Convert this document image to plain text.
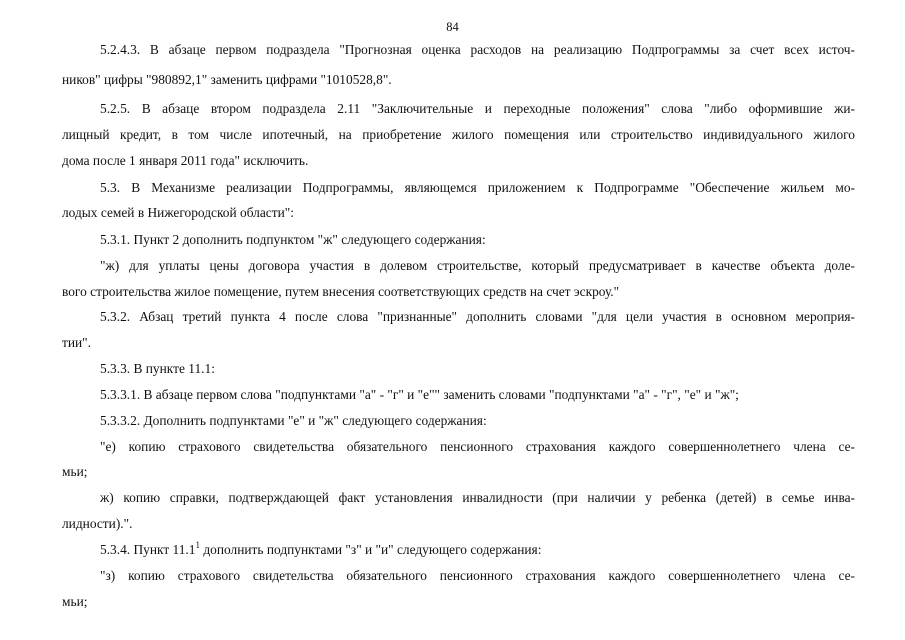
84
5.2.4.3. В абзаце первом подраздела "Прогнозная оценка расходов на реализацию Подпрограммы за счет всех источ-
ников" цифры "980892,1" заменить цифрами "1010528,8".
5.2.5. В абзаце втором подраздела 2.11 "Заключительные и переходные положения" слова "либо оформившие жи-
лищный кредит, в том числе ипотечный, на приобретение жилого помещения или строительство индивидуального жилого
дома после 1 января 2011 года" исключить.
5.3. В Механизме реализации Подпрограммы, являющемся приложением к Подпрограмме "Обеспечение жильем мо-
лодых семей в Нижегородской области":
5.3.1. Пункт 2 дополнить подпунктом "ж" следующего содержания:
"ж) для уплаты цены договора участия в долевом строительстве, который предусматривает в качестве объекта доле-
вого строительства жилое помещение, путем внесения соответствующих средств на счет эскроу."
5.3.2. Абзац третий пункта 4 после слова "признанные" дополнить словами "для цели участия в основном мероприя-
тии".
5.3.3. В пункте 11.1:
5.3.3.1. В абзаце первом слова "подпунктами "а" - "г" и "е"" заменить словами "подпунктами "а" - "г", "е" и "ж";
5.3.3.2. Дополнить подпунктами "е" и "ж" следующего содержания:
"е) копию страхового свидетельства обязательного пенсионного страхования каждого совершеннолетнего члена се-
мьи;
ж) копию справки, подтверждающей факт установления инвалидности (при наличии у ребенка (детей) в семье инва-
лидности).".
5.3.4. Пункт 11.1$^1$ дополнить подпунктами "з" и "и" следующего содержания:
"з) копию страхового свидетельства обязательного пенсионного страхования каждого совершеннолетнего члена се-
мьи;
